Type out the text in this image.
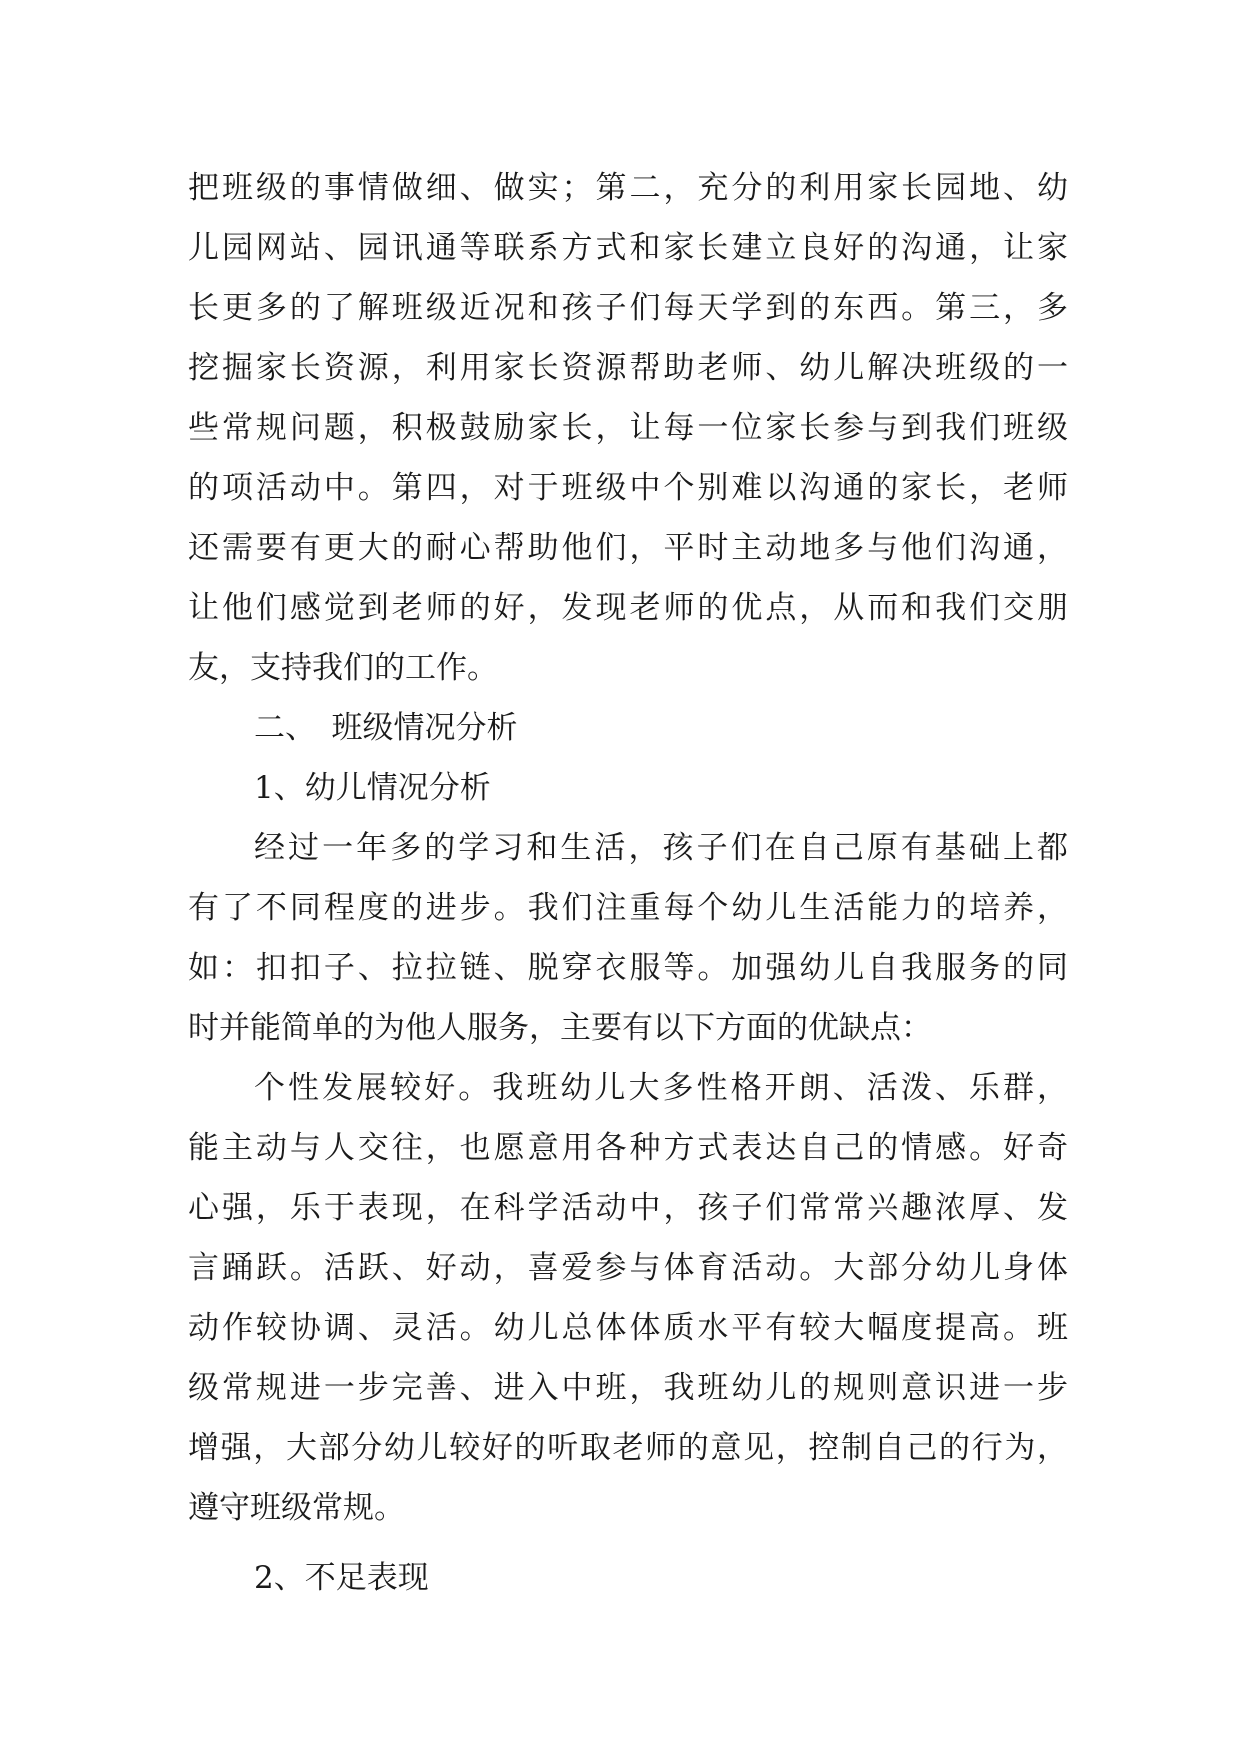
把班级的事情做细、做实；第二，充分的利用家长园地、幼
儿园网站、园讯通等联系方式和家长建立良好的沟通，让家
长更多的了解班级近况和孩子们每天学到的东西。第三，多
挖掘家长资源，利用家长资源帮助老师、幼儿解决班级的一
些常规问题，积极鼓励家长，让每一位家长参与到我们班级
的项活动中。第四，对于班级中个别难以沟通的家长，老师
还需要有更大的耐心帮助他们，平时主动地多与他们沟通，
让他们感觉到老师的好，发现老师的优点，从而和我们交朋
友，支持我们的工作。
二、　班级情况分析
1、幼儿情况分析
经过一年多的学习和生活，孩子们在自己原有基础上都
有了不同程度的进步。我们注重每个幼儿生活能力的培养，
如：扣扣子、拉拉链、脱穿衣服等。加强幼儿自我服务的同
时并能简单的为他人服务，主要有以下方面的优缺点：
个性发展较好。我班幼儿大多性格开朗、活泼、乐群，
能主动与人交往，也愿意用各种方式表达自己的情感。好奇
心强，乐于表现，在科学活动中，孩子们常常兴趣浓厚、发
言踊跃。活跃、好动，喜爱参与体育活动。大部分幼儿身体
动作较协调、灵活。幼儿总体体质水平有较大幅度提高。班
级常规进一步完善、进入中班，我班幼儿的规则意识进一步
增强，大部分幼儿较好的听取老师的意见，控制自己的行为，
遵守班级常规。
2、不足表现
